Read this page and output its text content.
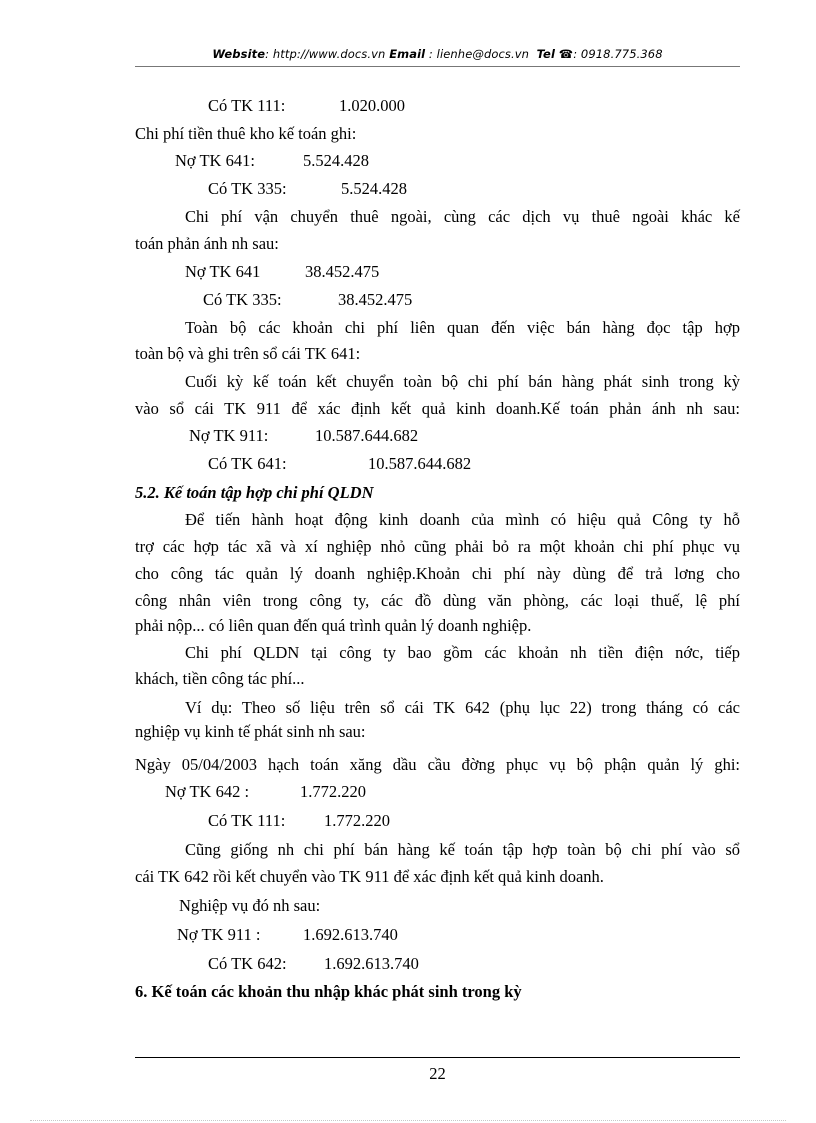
Website: http://www.docs.vn Email : lienhe@docs.vn Tel ☎: 0918.775.368
Có TK 111:	1.020.000
Chi phí tiền thuê kho kế toán ghi:
Nợ TK 641:	5.524.428
Có TK 335:	5.524.428
Chi phí vận chuyển thuê ngoài, cùng các dịch vụ thuê ngoài khác kế
toán phản ánh nh sau:
Nợ TK 641	38.452.475
Có TK 335:	38.452.475
Toàn bộ các khoản chi phí liên quan đến việc bán hàng đọc tập hợp
toàn bộ và ghi trên sổ cái TK 641:
Cuối kỳ kế toán kết chuyển toàn bộ chi phí bán hàng phát sinh trong kỳ
vào sổ cái TK 911 để xác định kết quả kinh doanh.Kế toán phản ánh nh sau:
Nợ TK 911:	10.587.644.682
Có TK 641:	10.587.644.682
5.2. Kế toán tập hợp chi phí QLDN
Để tiến hành hoạt động kinh doanh của mình có hiệu quả Công ty hỗ
trợ các hợp tác xã và xí nghiệp nhỏ cũng phải bỏ ra một khoản chi phí phục vụ
cho công tác quản lý doanh nghiệp.Khoản chi phí này dùng để trả lơng cho
công nhân viên trong công ty, các đồ dùng văn phòng, các loại thuế, lệ phí
phải nộp... có liên quan đến quá trình quản lý doanh nghiệp.
Chi phí QLDN tại công ty bao gồm các khoản nh tiền điện nớc, tiếp
khách, tiền công tác phí...
Ví dụ: Theo số liệu trên sổ cái TK 642 (phụ lục 22) trong tháng có các
nghiệp vụ kinh tế phát sinh nh sau:
Ngày 05/04/2003 hạch toán xăng dầu cầu đờng phục vụ bộ phận quản lý ghi:
Nợ TK 642 :	1.772.220
Có TK 111: 1.772.220
Cũng giống nh chi phí bán hàng kế toán tập hợp toàn bộ chi phí vào sổ
cái TK 642 rồi kết chuyển vào TK 911 để xác định kết quả kinh doanh.
Nghiệp vụ đó nh sau:
Nợ TK 911 :	1.692.613.740
Có TK 642: 1.692.613.740
6. Kế toán các khoản thu nhập khác phát sinh trong kỳ
22
